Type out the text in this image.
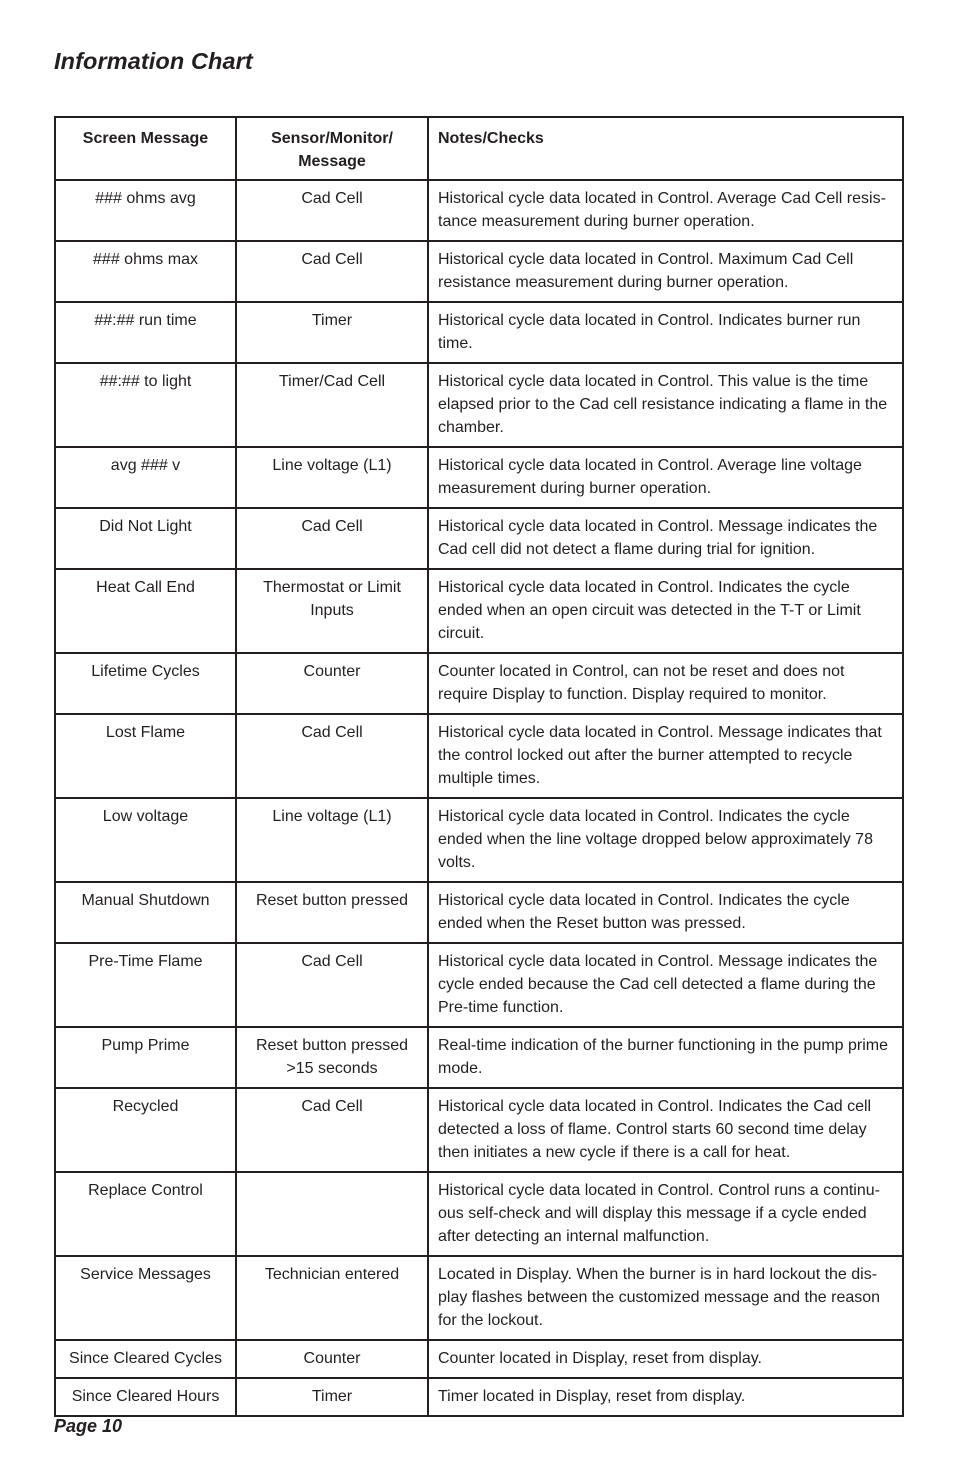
Information Chart
Screen Message	Sensor/Monitor/ Message	Notes/Checks
### ohms avg	Cad Cell	Historical cycle data located in Control. Average Cad Cell resis-tance measurement during burner operation.
### ohms max	Cad Cell	Historical cycle data located in Control. Maximum Cad Cell resistance measurement during burner operation.
##:## run time	Timer	Historical cycle data located in Control. Indicates burner run time.
##:## to light	Timer/Cad Cell	Historical cycle data located in Control. This value is the time elapsed prior to the Cad cell resistance indicating a flame in the chamber.
avg ### v	Line voltage (L1)	Historical cycle data located in Control. Average line voltage measurement during burner operation.
Did Not Light	Cad Cell	Historical cycle data located in Control. Message indicates the Cad cell did not detect a flame during trial for ignition.
Heat Call End	Thermostat or Limit Inputs	Historical cycle data located in Control. Indicates the cycle ended when an open circuit was detected in the T-T or Limit circuit.
Lifetime Cycles	Counter	Counter located in Control, can not be reset and does not require Display to function. Display required to monitor.
Lost Flame	Cad Cell	Historical cycle data located in Control. Message indicates that the control locked out after the burner attempted to recycle multiple times.
Low voltage	Line voltage (L1)	Historical cycle data located in Control. Indicates the cycle ended when the line voltage dropped below approximately 78 volts.
Manual Shutdown	Reset button pressed	Historical cycle data located in Control. Indicates the cycle ended when the Reset button was pressed.
Pre-Time Flame	Cad Cell	Historical cycle data located in Control. Message indicates the cycle ended because the Cad cell detected a flame during the Pre-time function.
Pump Prime	Reset button pressed >15 seconds	Real-time indication of the burner functioning in the pump prime mode.
Recycled	Cad Cell	Historical cycle data located in Control. Indicates the Cad cell detected a loss of flame. Control starts 60 second time delay then initiates a new cycle if there is a call for heat.
Replace Control		Historical cycle data located in Control. Control runs a continu-ous self-check and will display this message if a cycle ended after detecting an internal malfunction.
Service Messages	Technician entered	Located in Display. When the burner is in hard lockout the dis-play flashes between the customized message and the reason for the lockout.
Since Cleared Cycles	Counter	Counter located in Display, reset from display.
Since Cleared Hours	Timer	Timer located in Display, reset from display.
Page 10
